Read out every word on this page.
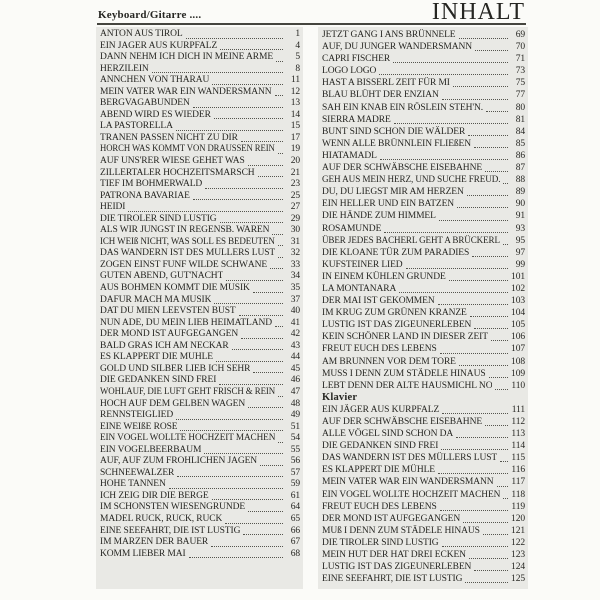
Keyboard/Gitarre ....	INHALT
ANTON AUS TIROL	1
EIN JÄGER AUS KURPFALZ	4
DANN NEHM ICH DICH IN MEINE ARME	5
HERZILEIN	8
ÄNNCHEN VON THARAU	11
MEIN VATER WAR EIN WANDERSMANN	12
BERGVAGABUNDEN	13
ABEND WIRD ES WIEDER	14
LA PASTORELLA	15
TRÄNEN PASSEN NICHT ZU DIR	17
HORCH WAS KOMMT VON DRAUSSEN REIN	19
AUF UNS'RER WIESE GEHET WAS	20
ZILLERTALER HOCHZEITSMARSCH	21
TIEF IM BÖHMERWALD	23
PATRONA BAVARIAE	25
HEIDI	27
DIE TIROLER SIND LUSTIG	29
ALS WIR JÜNGST IN REGENSB. WAREN	30
ICH WEIß NICHT, WAS SOLL ES BEDEUTEN	31
DAS WANDERN IST DES MÜLLERS LUST	32
ZOGEN EINST FÜNF WILDE SCHWÄNE	33
GUTEN ABEND, GUT'NACHT	34
AUS BÖHMEN KOMMT DIE MUSIK	35
DAFÜR MACH MA MUSIK	37
DAT DU MIEN LEEVSTEN BÜST	40
NUN ADE, DU MEIN LIEB HEIMATLAND	41
DER MOND IST AUFGEGANGEN	42
BALD GRAS ICH AM NECKAR	43
ES KLAPPERT DIE MÜHLE	44
GOLD UND SILBER LIEB ICH SEHR	45
DIE GEDANKEN SIND FREI	46
WOHLAUF, DIE LUFT GEHT FRISCH & REIN	47
HOCH AUF DEM GELBEN WAGEN	48
RENNSTEIGLIED	49
EINE WEIßE ROSE	51
EIN VOGEL WOLLTE HOCHZEIT MACHEN	54
EIN VOGELBEERBAUM	55
AUF, AUF ZUM FRÖHLICHEN JAGEN	56
SCHNEEWALZER	57
HOHE TANNEN	59
ICH ZEIG DIR DIE BERGE	61
IM SCHÖNSTEN WIESENGRUNDE	64
MÄDEL RUCK, RUCK, RUCK	65
EINE SEEFAHRT, DIE IST LUSTIG	66
IM MÄRZEN DER BAUER	67
KOMM LIEBER MAI	68
JETZT GANG I ANS BRÜNNELE	69
AUF, DU JUNGER WANDERSMANN	70
CAPRI FISCHER	71
LOGO LOGO	73
HAST A BISSERL ZEIT FÜR MI	75
BLAU BLÜHT DER ENZIAN	77
SAH EIN KNAB EIN RÖSLEIN STEH'N.	80
SIERRA MADRE	81
BUNT SIND SCHON DIE WÄLDER	84
WENN ALLE BRÜNNLEIN FLIEßEN	85
HIATAMADL	86
AUF DER SCHWÄBSCHE EISEBAHNE	87
GEH AUS MEIN HERZ, UND SUCHE FREUD.	88
DU, DU LIEGST MIR AM HERZEN	89
EIN HELLER UND EIN BATZEN	90
DIE HÄNDE ZUM HIMMEL	91
ROSAMUNDE	93
ÜBER JEDES BACHERL GEHT A BRÜCKERL	95
DIE KLOANE TÜR ZUM PARADIES	97
KUFSTEINER LIED	99
IN EINEM KÜHLEN GRUNDE	101
LA MONTANARA	102
DER MAI IST GEKOMMEN	103
IM KRUG ZUM GRÜNEN KRANZE	104
LUSTIG IST DAS ZIGEUNERLEBEN	105
KEIN SCHÖNER LAND IN DIESER ZEIT 106
FREUT EUCH DES LEBENS	107
AM BRUNNEN VOR DEM TORE	108
MUSS I DENN ZUM STÄDELE HINAUS	109
LEBT DENN DER ALTE HAUSMICHL NO 110
Klavier
EIN JÄGER AUS KURPFALZ	111
AUF DER SCHWÄBSCHE EISEBAHNE	112
ALLE VÖGEL SIND SCHON DA	113
DIE GEDANKEN SIND FREI	114
DAS WANDERN IST DES MÜLLERS LUST 115
ES KLAPPERT DIE MÜHLE	116
MEIN VATER WAR EIN WANDERSMANN 117
EIN VOGEL WOLLTE HOCHZEIT MACHEN 118
FREUT EUCH DES LEBENS	119
DER MOND IST AUFGEGANGEN	120
MUß I DENN ZUM STÄDELE HINAUS	121
DIE TIROLER SIND LUSTIG	122
MEIN HUT DER HAT DREI ECKEN	123
LUSTIG IST DAS ZIGEUNERLEBEN	124
EINE SEEFAHRT, DIE IST LUSTIG	125
